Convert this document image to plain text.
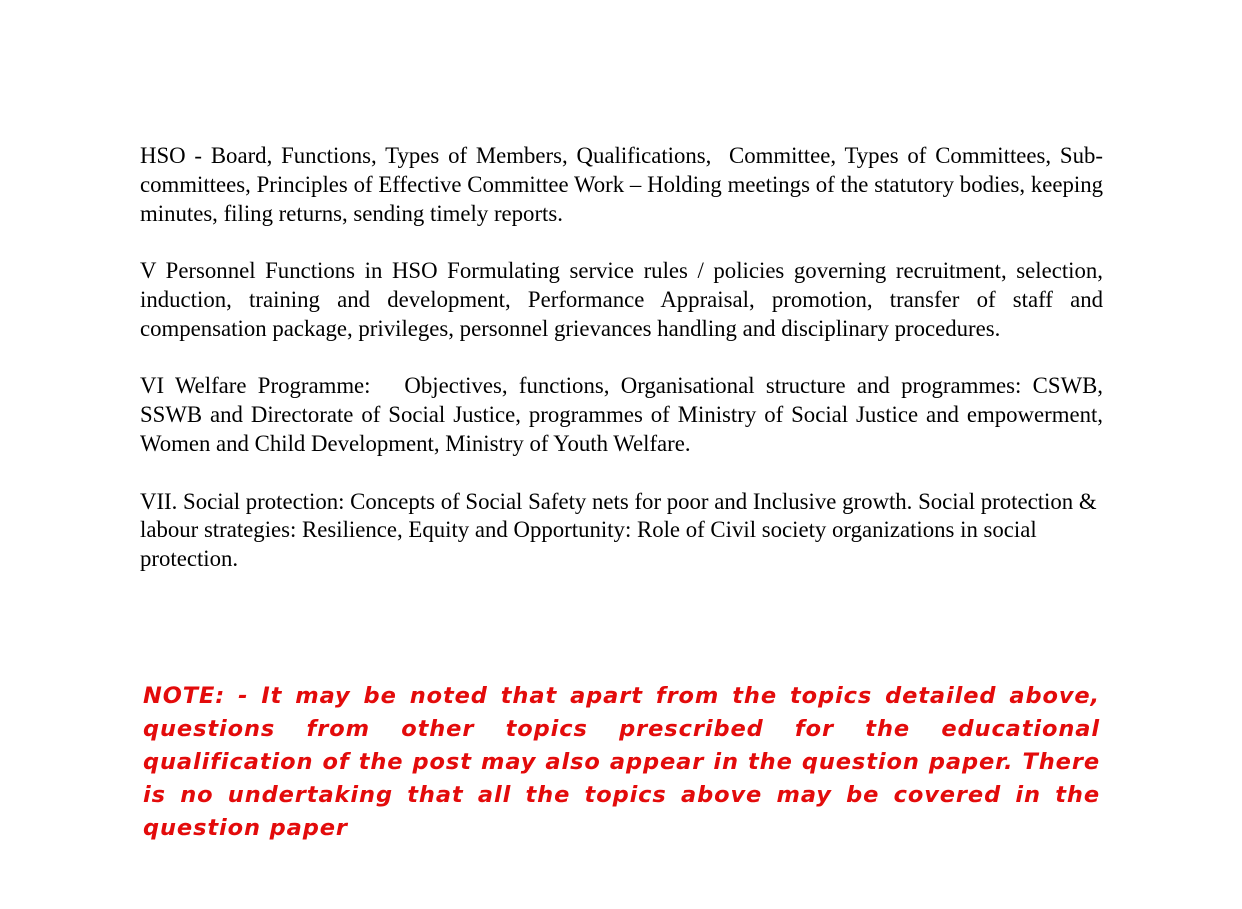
HSO - Board, Functions, Types of Members, Qualifications,  Committee, Types of Committees, Sub-committees, Principles of Effective Committee Work – Holding meetings of the statutory bodies, keeping minutes, filing returns, sending timely reports.

V Personnel Functions in HSO Formulating service rules / policies governing recruitment, selection, induction, training and development, Performance Appraisal, promotion, transfer of staff and compensation package, privileges, personnel grievances handling and disciplinary procedures.

VI Welfare Programme:   Objectives, functions, Organisational structure and programmes: CSWB, SSWB and Directorate of Social Justice, programmes of Ministry of Social Justice and empowerment, Women and Child Development, Ministry of Youth Welfare.

VII. Social protection: Concepts of Social Safety nets for poor and Inclusive growth. Social protection & labour strategies: Resilience, Equity and Opportunity: Role of Civil society organizations in social protection.

NOTE: - It may be noted that apart from the topics detailed above, questions from other topics prescribed for the educational qualification of the post may also appear in the question paper. There is no undertaking that all the topics above may be covered in the question paper
